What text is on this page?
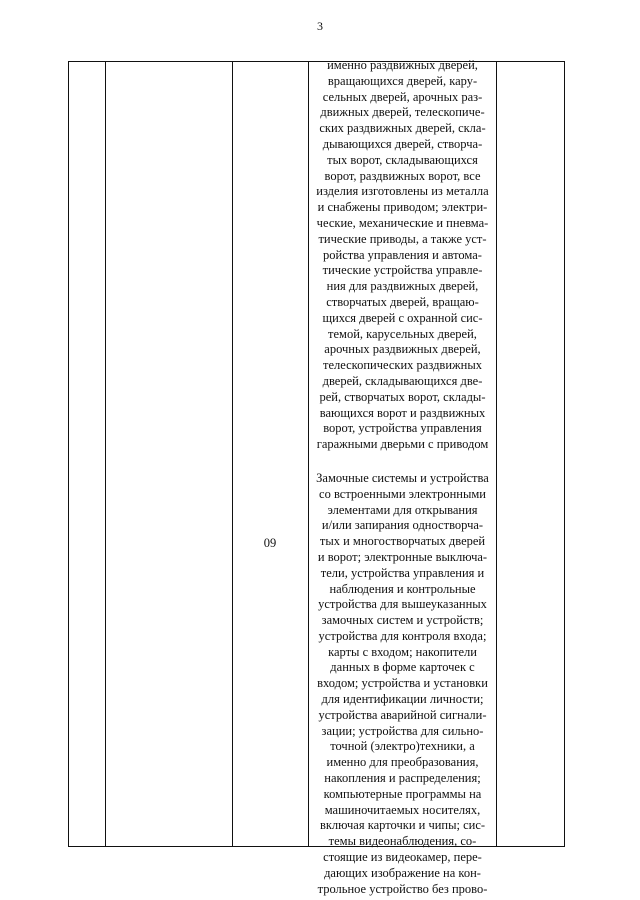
3
09
именно раздвижных дверей,
вращающихся дверей, кару-
сельных дверей, арочных раз-
движных дверей, телескопиче-
ских раздвижных дверей, скла-
дывающихся дверей, створча-
тых ворот, складывающихся
ворот, раздвижных ворот, все
изделия изготовлены из металла
и снабжены приводом; электри-
ческие, механические и пневма-
тические приводы, а также уст-
ройства управления и автома-
тические устройства управле-
ния для раздвижных дверей,
створчатых дверей, вращаю-
щихся дверей с охранной сис-
темой, карусельных дверей,
арочных раздвижных дверей,
телескопических раздвижных
дверей, складывающихся две-
рей, створчатых ворот, склады-
вающихся ворот и раздвижных
ворот, устройства управления
гаражными дверьми с приводом
Замочные системы и устройства
со встроенными электронными
элементами для открывания
и/или запирания одностворча-
тых и многостворчатых дверей
и ворот; электронные выключа-
тели, устройства управления и
наблюдения и контрольные
устройства для вышеуказанных
замочных систем и устройств;
устройства для контроля входа;
карты с входом; накопители
данных в форме карточек с
входом; устройства и установки
для идентификации личности;
устройства аварийной сигнали-
зации; устройства для сильно-
точной (электро)техники, а
именно для преобразования,
накопления и распределения;
компьютерные программы на
машиночитаемых носителях,
включая карточки и чипы; сис-
темы видеонаблюдения, со-
стоящие из видеокамер, пере-
дающих изображение на кон-
трольное устройство без прово-
